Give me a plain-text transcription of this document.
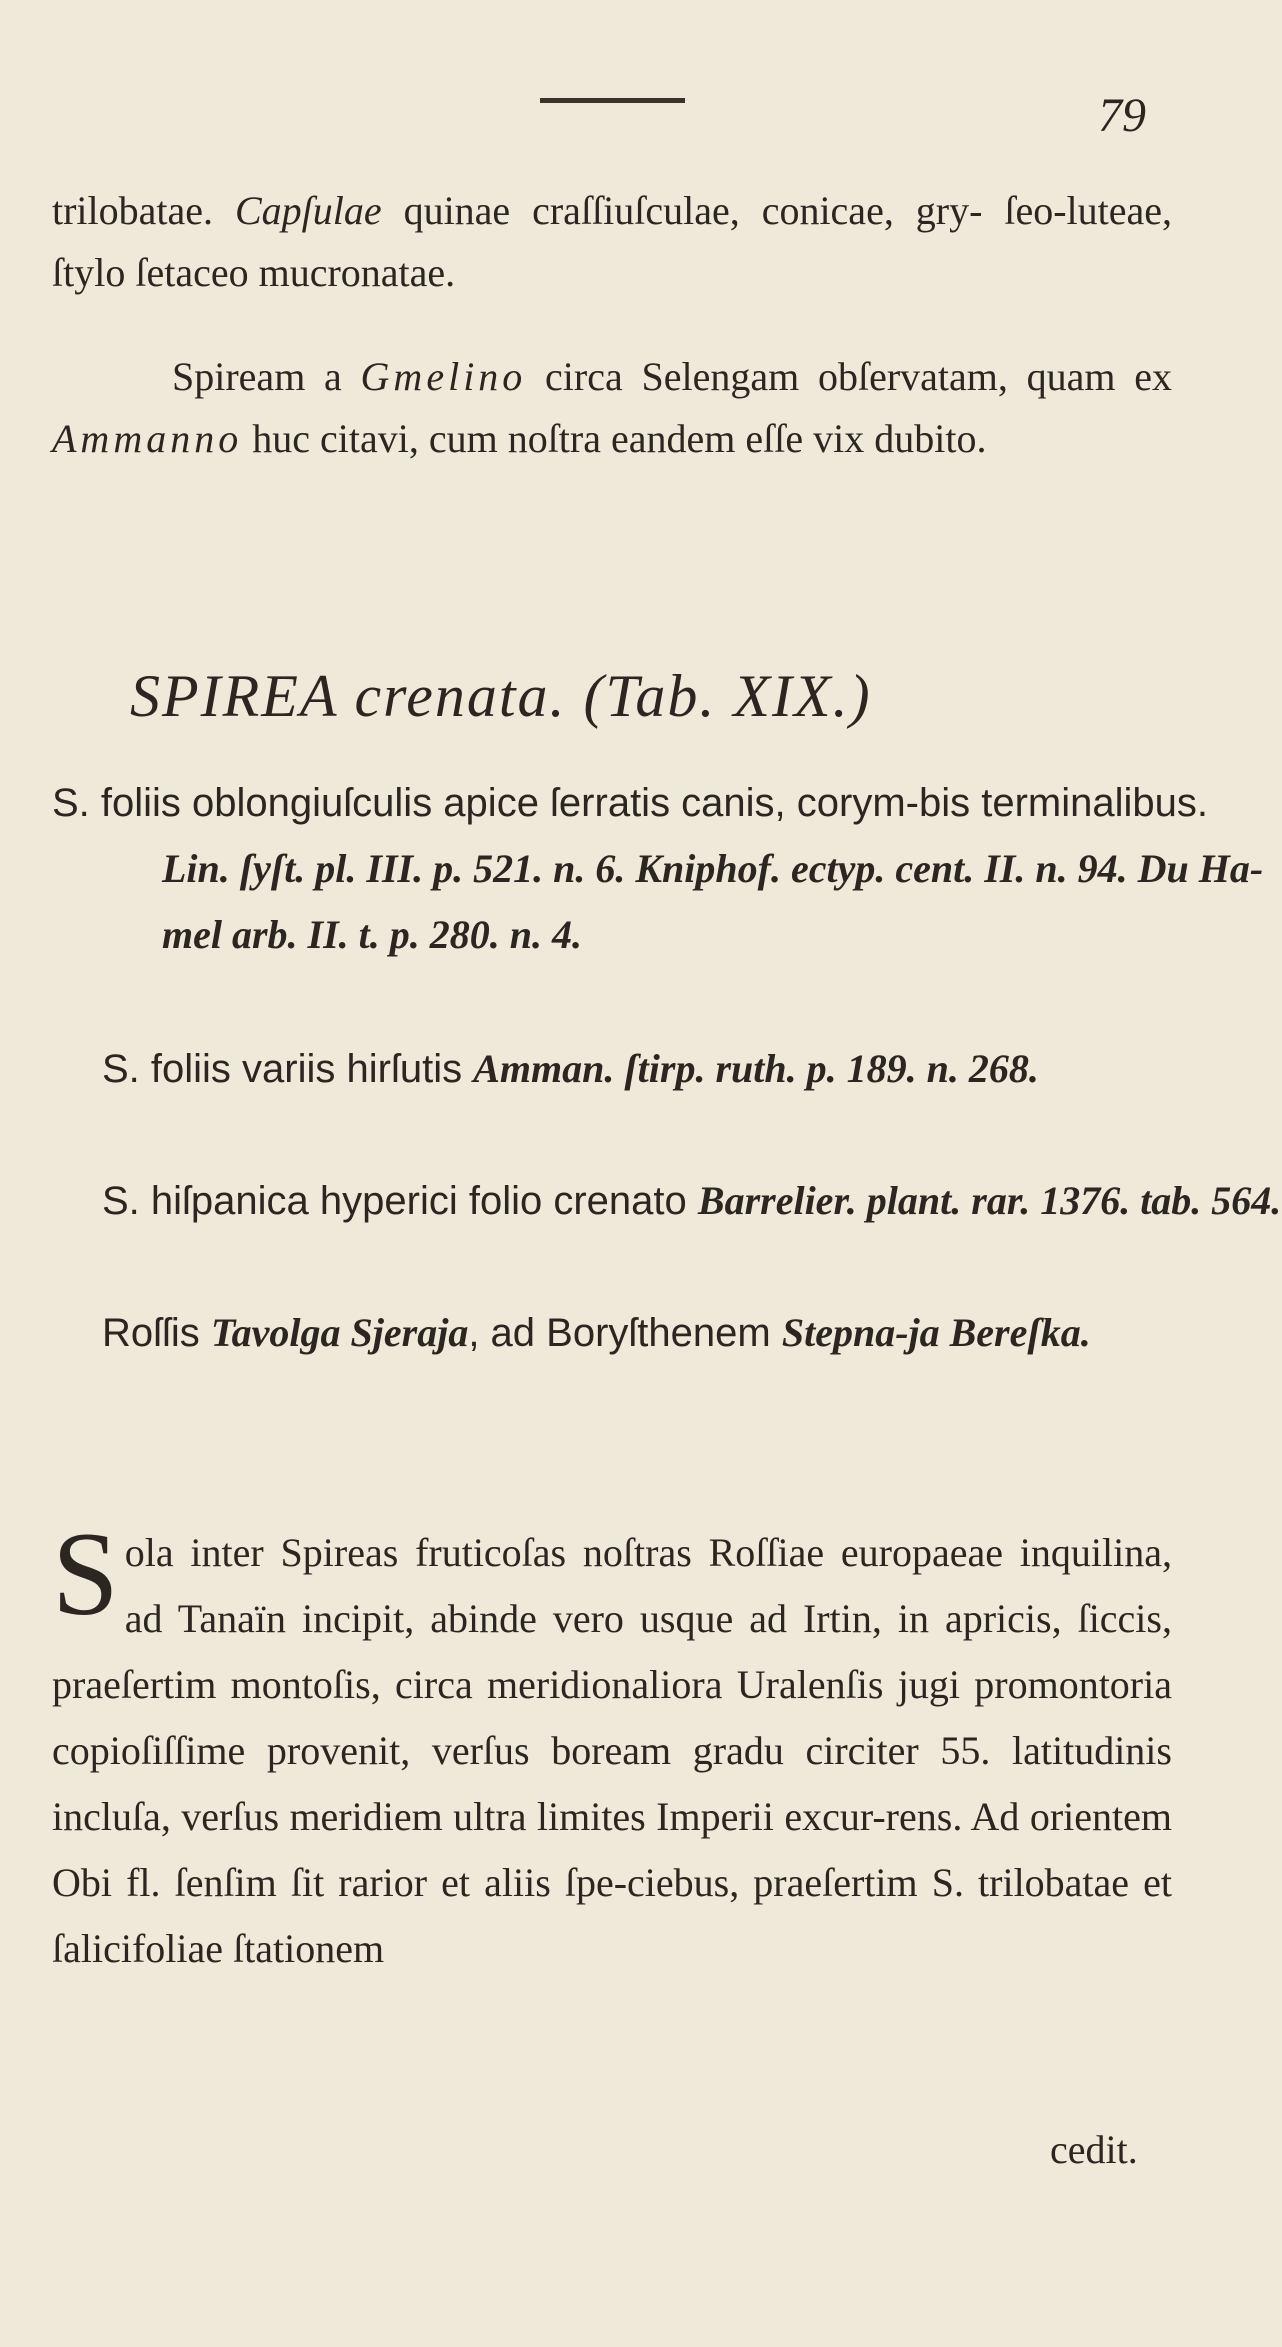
79

trilobatae. Capſulae quinae craſſiuſculae, conicae, gry- ſeo-luteae, ſtylo ſetaceo mucronatae.

Spiream a Gmelino circa Selengam obſervatam, quam ex Ammanno huc citavi, cum noſtra eandem eſſe vix dubito.

SPIREA crenata. (Tab. XIX.)

S. foliis oblongiuſculis apice ſerratis canis, corym-bis terminalibus. Lin. ſyſt. pl. III. p. 521. n. 6. Kniphof. ectyp. cent. II. n. 94. Du Ha-mel arb. II. t. p. 280. n. 4.

S. foliis variis hirſutis Amman. ſtirp. ruth. p. 189. n. 268.

S. hiſpanica hyperici folio crenato Barrelier. plant. rar. 1376. tab. 564.

Roſſis Tavolga Sjeraja, ad Boryſthenem Stepna-ja Bereſka.

Sola inter Spireas fruticoſas noſtras Roſſiae europaeae inquilina, ad Tanaïn incipit, abinde vero usque ad Irtin, in apricis, ſiccis, praeſertim montoſis, circa meridionaliora Uralenſis jugi promontoria copioſiſſime provenit, verſus boream gradu circiter 55. latitudinis incluſa, verſus meridiem ultra limites Imperii excur-rens. Ad orientem Obi fl. ſenſim ſit rarior et aliis ſpe-ciebus, praeſertim S. trilobatae et ſalicifoliae ſtationem

cedit.
